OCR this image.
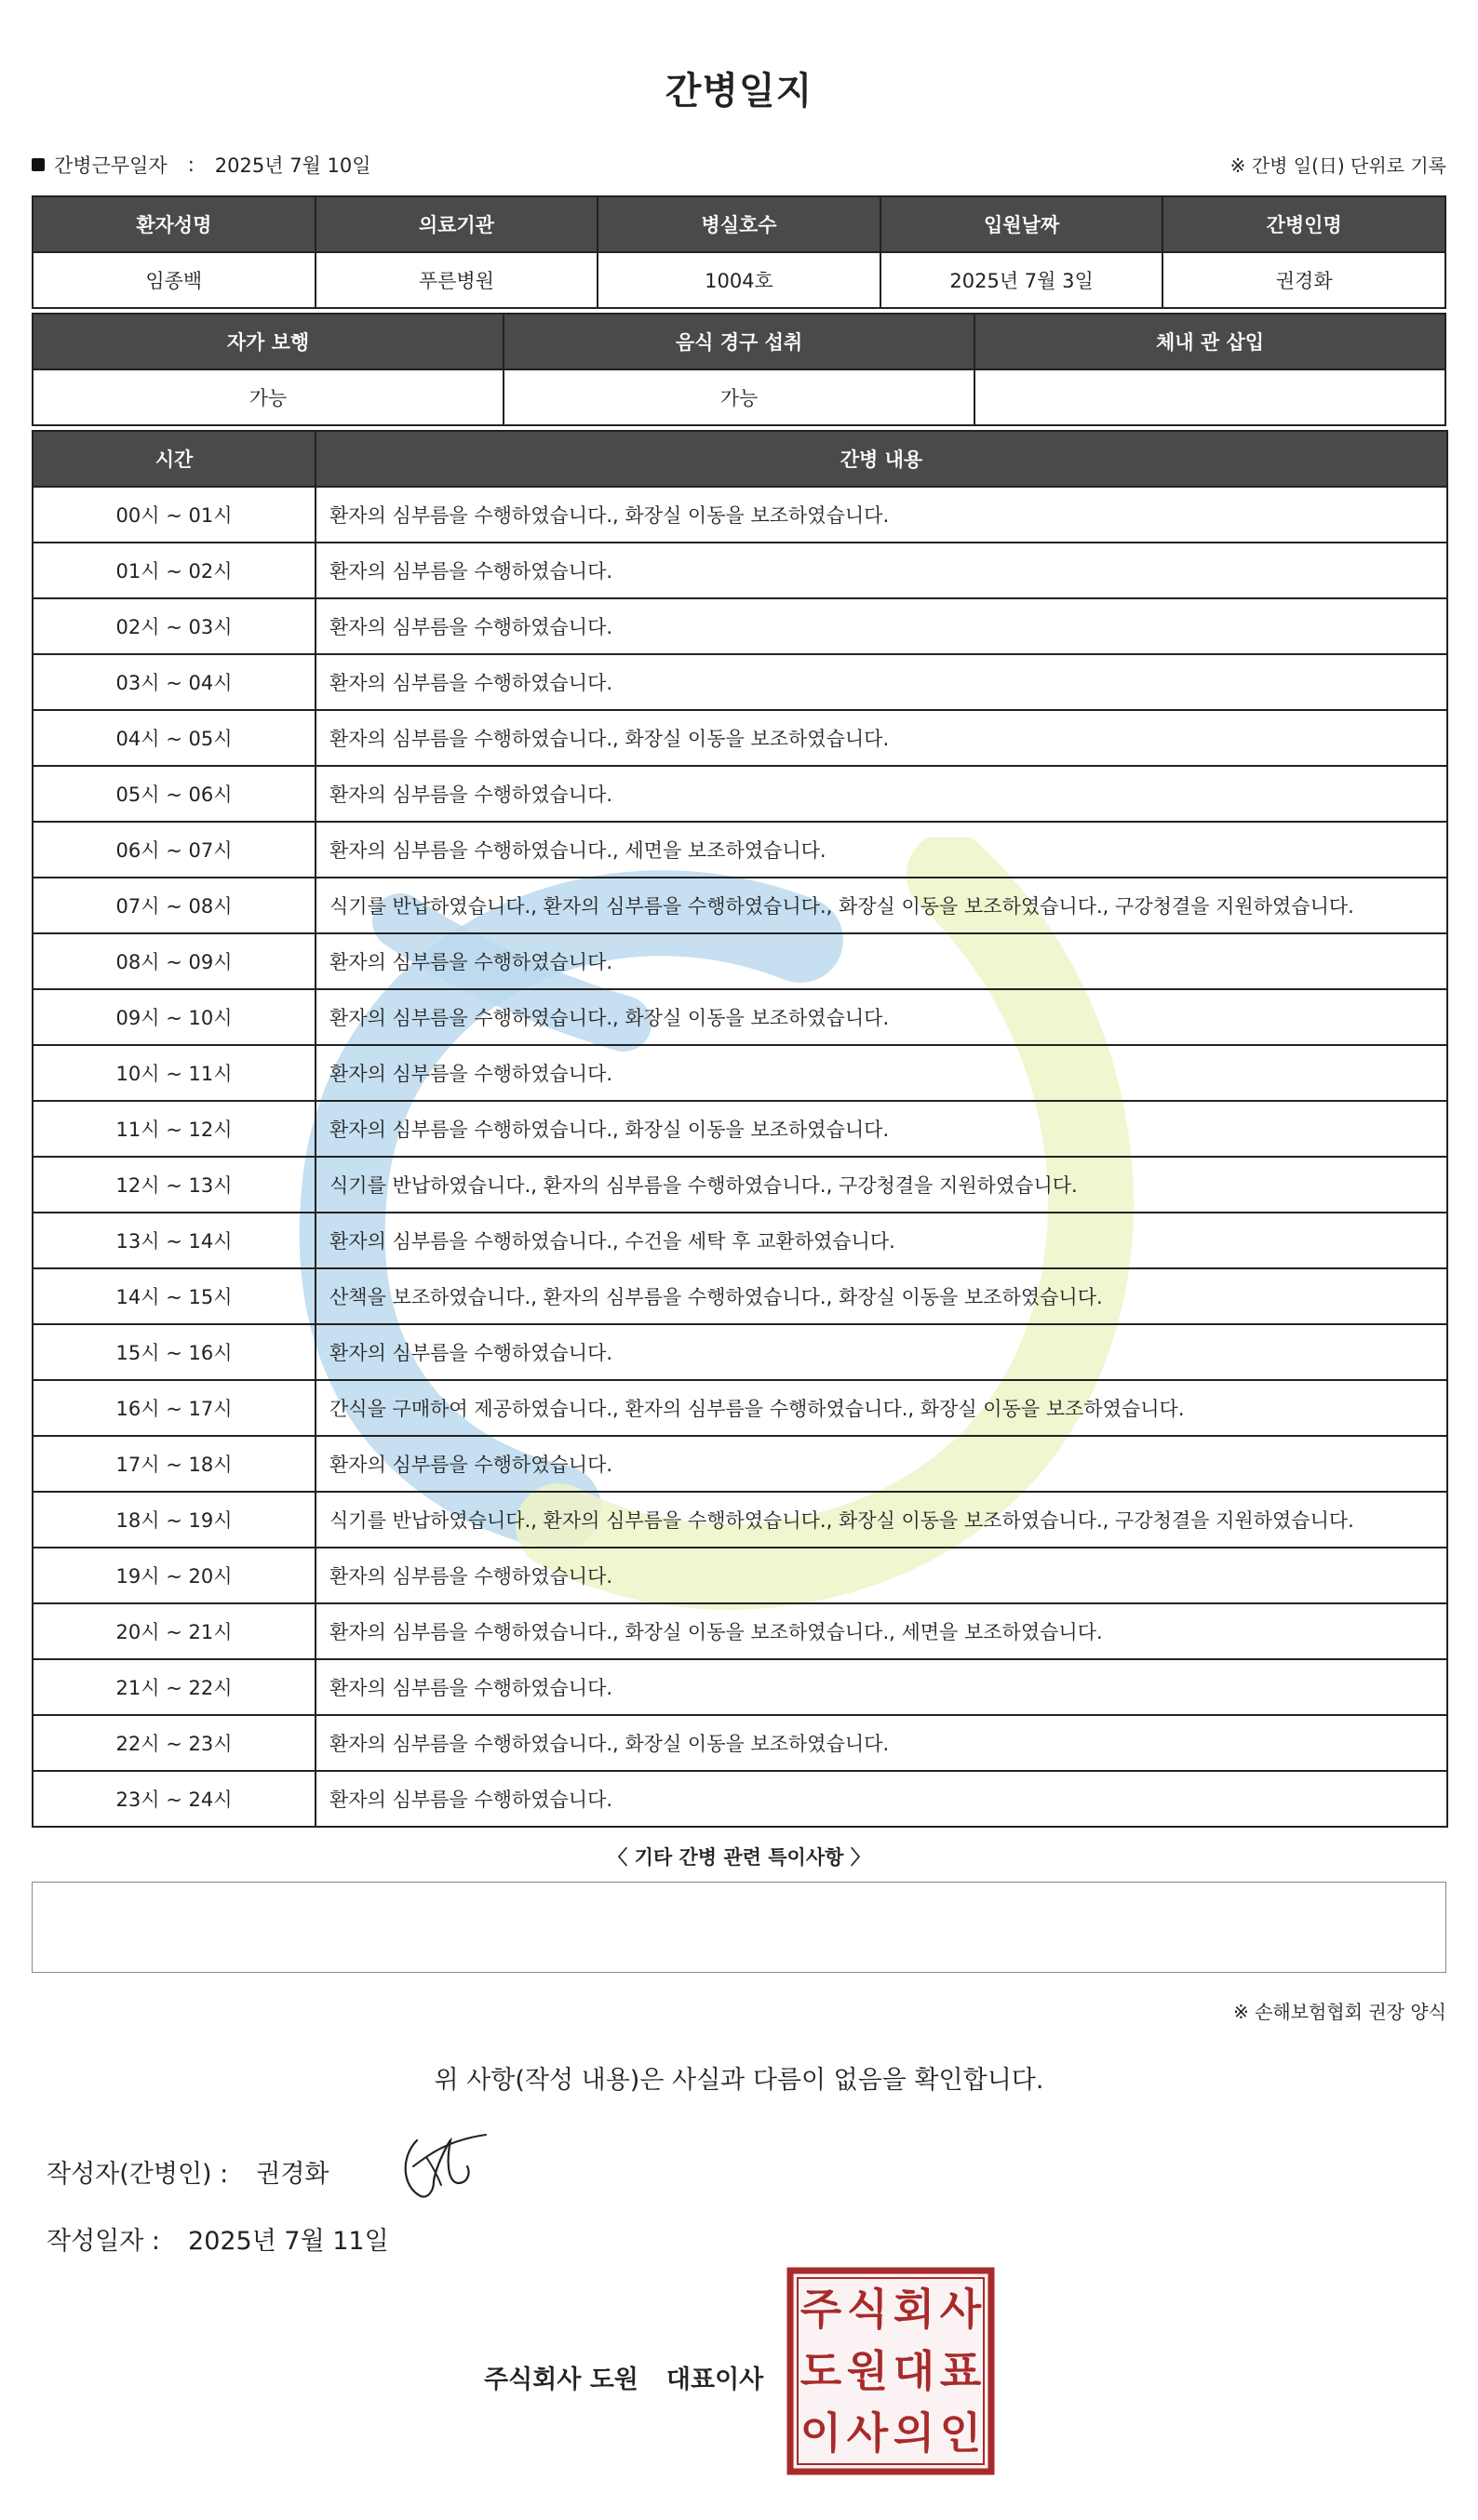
간병일지
간병근무일자 : 2025년 7월 10일	※ 간병 일(日) 단위로 기록
환자성명	의료기관	병실호수	입원날짜	간병인명
임종백	푸른병원	1004호	2025년 7월 3일	권경화
자가 보행	음식 경구 섭취	체내 관 삽입
가능	가능	
시간	간병 내용
00시 ~ 01시	환자의 심부름을 수행하였습니다., 화장실 이동을 보조하였습니다.
01시 ~ 02시	환자의 심부름을 수행하였습니다.
02시 ~ 03시	환자의 심부름을 수행하였습니다.
03시 ~ 04시	환자의 심부름을 수행하였습니다.
04시 ~ 05시	환자의 심부름을 수행하였습니다., 화장실 이동을 보조하였습니다.
05시 ~ 06시	환자의 심부름을 수행하였습니다.
06시 ~ 07시	환자의 심부름을 수행하였습니다., 세면을 보조하였습니다.
07시 ~ 08시	식기를 반납하였습니다., 환자의 심부름을 수행하였습니다., 화장실 이동을 보조하였습니다., 구강청결을 지원하였습니다.
08시 ~ 09시	환자의 심부름을 수행하였습니다.
09시 ~ 10시	환자의 심부름을 수행하였습니다., 화장실 이동을 보조하였습니다.
10시 ~ 11시	환자의 심부름을 수행하였습니다.
11시 ~ 12시	환자의 심부름을 수행하였습니다., 화장실 이동을 보조하였습니다.
12시 ~ 13시	식기를 반납하였습니다., 환자의 심부름을 수행하였습니다., 구강청결을 지원하였습니다.
13시 ~ 14시	환자의 심부름을 수행하였습니다., 수건을 세탁 후 교환하였습니다.
14시 ~ 15시	산책을 보조하였습니다., 환자의 심부름을 수행하였습니다., 화장실 이동을 보조하였습니다.
15시 ~ 16시	환자의 심부름을 수행하였습니다.
16시 ~ 17시	간식을 구매하여 제공하였습니다., 환자의 심부름을 수행하였습니다., 화장실 이동을 보조하였습니다.
17시 ~ 18시	환자의 심부름을 수행하였습니다.
18시 ~ 19시	식기를 반납하였습니다., 환자의 심부름을 수행하였습니다., 화장실 이동을 보조하였습니다., 구강청결을 지원하였습니다.
19시 ~ 20시	환자의 심부름을 수행하였습니다.
20시 ~ 21시	환자의 심부름을 수행하였습니다., 화장실 이동을 보조하였습니다., 세면을 보조하였습니다.
21시 ~ 22시	환자의 심부름을 수행하였습니다.
22시 ~ 23시	환자의 심부름을 수행하였습니다., 화장실 이동을 보조하였습니다.
23시 ~ 24시	환자의 심부름을 수행하였습니다.
〈 기타 간병 관련 특이사항 〉
※ 손해보험협회 권장 양식
위 사항(작성 내용)은 사실과 다름이 없음을 확인합니다.
작성자(간병인) : 권경화
작성일자 : 2025년 7월 11일
주식회사 도원 대표이사
주 식 회 사
도 원 대 표
이 사 의 인
